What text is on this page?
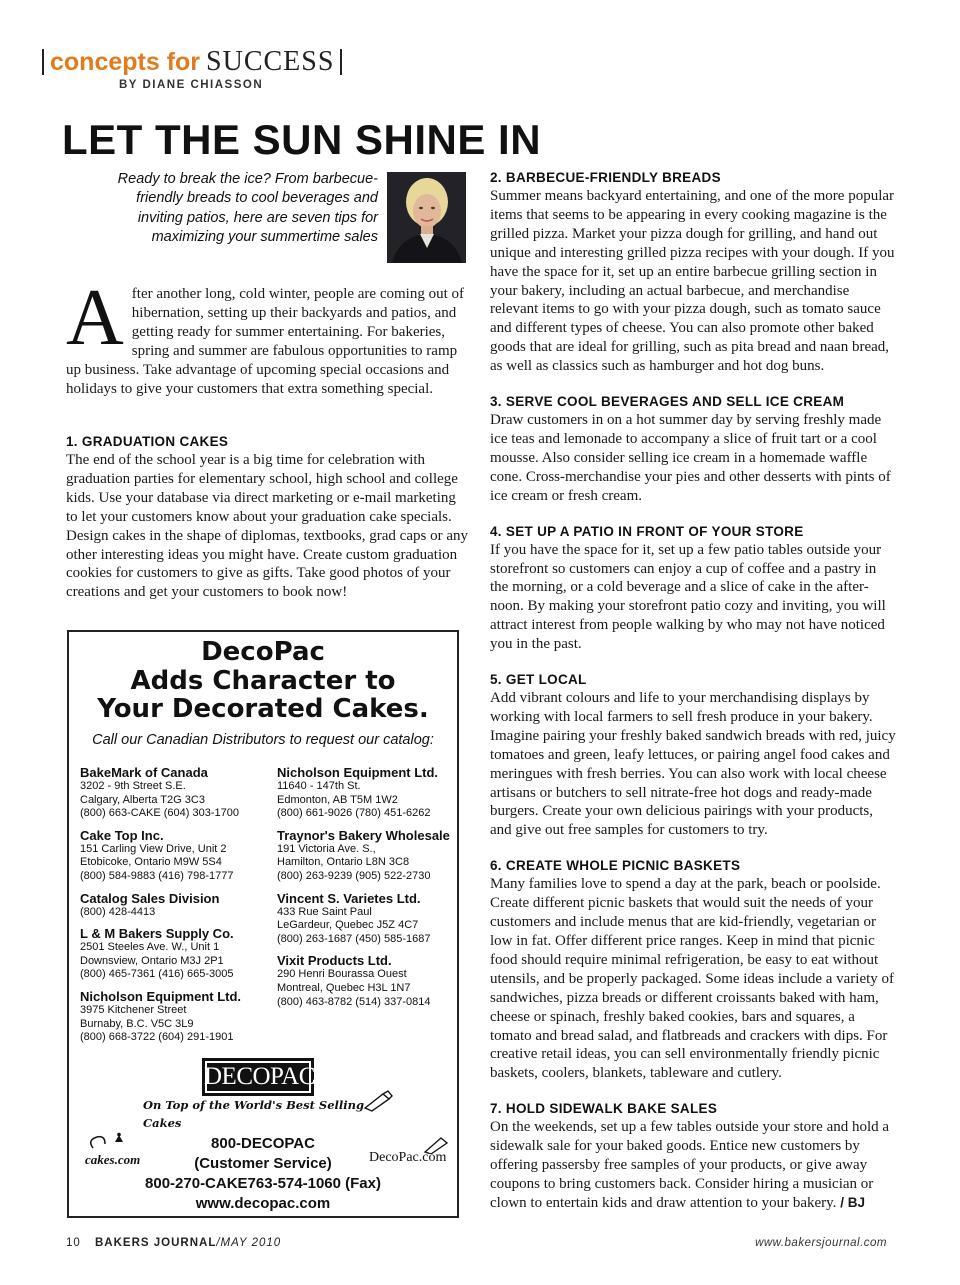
concepts for SUCCESS
BY DIANE CHIASSON
LET THE SUN SHINE IN
Ready to break the ice? From barbecue-friendly breads to cool beverages and inviting patios, here are seven tips for maximizing your summertime sales
After another long, cold winter, people are coming out of hibernation, setting up their backyards and patios, and getting ready for summer entertaining. For bakeries, spring and summer are fabulous opportunities to ramp up business. Take advantage of upcoming special occasions and holidays to give your customers that extra something special.
1. GRADUATION CAKES

The end of the school year is a big time for celebration with graduation parties for elementary school, high school and college kids. Use your database via direct marketing or e-mail marketing to let your customers know about your graduation cake specials. Design cakes in the shape of diplomas, textbooks, grad caps or any other interesting ideas you might have. Create custom graduation cookies for customers to give as gifts. Take good photos of your creations and get your customers to book now!

DecoPac
Adds Character to
Your Decorated Cakes.
Call our Canadian Distributors to request our catalog:
BakeMark of Canada
3202 - 9th Street S.E.
Calgary, Alberta T2G 3C3
(800) 663-CAKE (604) 303-1700
Cake Top Inc.
151 Carling View Drive, Unit 2
Etobicoke, Ontario M9W 5S4
(800) 584-9883 (416) 798-1777
Catalog Sales Division
(800) 428-4413
L & M Bakers Supply Co.
2501 Steeles Ave. W., Unit 1
Downsview, Ontario M3J 2P1
(800) 465-7361 (416) 665-3005
Nicholson Equipment Ltd.
3975 Kitchener Street
Burnaby, B.C. V5C 3L9
(800) 668-3722 (604) 291-1901
Nicholson Equipment Ltd.
11640 - 147th St.
Edmonton, AB T5M 1W2
(800) 661-9026 (780) 451-6262
Traynor's Bakery Wholesale
191 Victoria Ave. S.,
Hamilton, Ontario L8N 3C8
(800) 263-9239 (905) 522-2730
Vincent S. Varietes Ltd.
433 Rue Saint Paul
LeGardeur, Quebec J5Z 4C7
(800) 263-1687 (450) 585-1687
Vixit Products Ltd.
290 Henri Bourassa Ouest
Montreal, Quebec H3L 1N7
(800) 463-8782 (514) 337-0814
DECOPAC
On Top of the World's Best Selling Cakes
cakes.com	DecoPac.com
800-DECOPAC
(Customer Service)
800-270-CAKE763-574-1060 (Fax)
www.decopac.com
2. BARBECUE-FRIENDLY BREADS

Summer means backyard entertaining, and one of the more popular items that seems to be appearing in every cooking magazine is the grilled pizza. Market your pizza dough for grilling, and hand out unique and interesting grilled pizza recipes with your dough. If you have the space for it, set up an entire barbecue grilling section in your bakery, including an actual barbecue, and merchandise relevant items to go with your pizza dough, such as tomato sauce and different types of cheese. You can also promote other baked goods that are ideal for grilling, such as pita bread and naan bread, as well as classics such as hamburger and hot dog buns.

3. SERVE COOL BEVERAGES AND SELL ICE CREAM

Draw customers in on a hot summer day by serving freshly made ice teas and lemonade to accompany a slice of fruit tart or a cool mousse. Also consider selling ice cream in a homemade waffle cone. Cross-merchandise your pies and other desserts with pints of ice cream or fresh cream.

4. SET UP A PATIO IN FRONT OF YOUR STORE

If you have the space for it, set up a few patio tables outside your storefront so customers can enjoy a cup of coffee and a pastry in the morning, or a cold beverage and a slice of cake in the after-noon. By making your storefront patio cozy and inviting, you will attract interest from people walking by who may not have noticed you in the past.

5. GET LOCAL

Add vibrant colours and life to your merchandising displays by working with local farmers to sell fresh produce in your bakery. Imagine pairing your freshly baked sandwich breads with red, juicy tomatoes and green, leafy lettuces, or pairing angel food cakes and meringues with fresh berries. You can also work with local cheese artisans or butchers to sell nitrate-free hot dogs and ready-made burgers. Create your own delicious pairings with your products, and give out free samples for customers to try.

6. CREATE WHOLE PICNIC BASKETS

Many families love to spend a day at the park, beach or poolside. Create different picnic baskets that would suit the needs of your customers and include menus that are kid-friendly, vegetarian or low in fat. Offer different price ranges. Keep in mind that picnic food should require minimal refrigeration, be easy to eat without utensils, and be properly packaged. Some ideas include a variety of sandwiches, pizza breads or different croissants baked with ham, cheese or spinach, freshly baked cookies, bars and squares, a tomato and bread salad, and flatbreads and crackers with dips. For creative retail ideas, you can sell environmentally friendly picnic baskets, coolers, blankets, tableware and cutlery.

7. HOLD SIDEWALK BAKE SALES

On the weekends, set up a few tables outside your store and hold a sidewalk sale for your baked goods. Entice new customers by offering passersby free samples of your products, or give away coupons to bring customers back. Consider hiring a musician or clown to entertain kids and draw attention to your bakery. / BJ

10 BAKERS JOURNAL/MAY 2010	www.bakersjournal.com
